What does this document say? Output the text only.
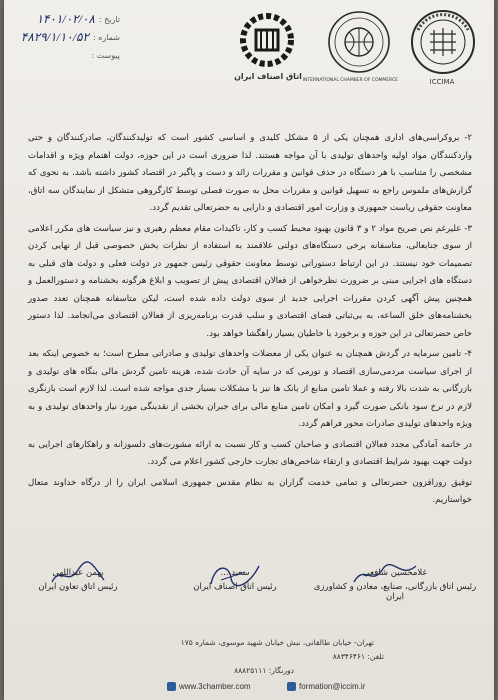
تاریخ :
۱۴۰۱/۰۲/۰۸
شماره :
۴۸۲۹/۱/۱۰/۵۲
پیوست :
ICCIMA
INTERNATIONAL CHAMBER OF COMMERCE
اتاق اصناف ایران

۲- بروکراسی‌های اداری همچنان یکی از ۵ مشکل کلیدی و اساسی کشور است که تولیدکنندگان، صادرکنندگان و حتی واردکنندگان مواد اولیه واحدهای تولیدی با آن مواجه هستند. لذا ضروری است در این حوزه، دولت اهتمام ویژه و اقدامات مشخصی را متناسب با هر دستگاه در حذف قوانین و مقررات زائد و دست و پاگیر در اقتصاد کشور داشته باشد. به نحوی که گزارش‌های ملموس راجع به تسهیل قوانین و مقررات محل به صورت فصلی توسط کارگروهی متشکل از نمایندگان سه اتاق، معاونت حقوقی ریاست جمهوری و وزارت امور اقتصادی و دارایی به حضرتعالی تقدیم گردد.

۳- علیرغم نص صریح مواد ۲ و ۳ قانون بهبود محیط کسب و کار، تاکیدات مقام معظم رهبری و نیز سیاست های مکرر اعلامی از سوی جنابعالی، متاسفانه برخی دستگاه‌های دولتی علاقمند به استفاده از نظرات بخش خصوصی قبل از نهایی کردن تصمیمات خود نیستند. در این ارتباط دستوراتی توسط معاونت حقوقی رئیس جمهور در دولت فعلی و دولت های قبلی به دستگاه های اجرایی مبنی بر ضرورت نظرخواهی از فعالان اقتصادی پیش از تصویب و ابلاغ هرگونه بخشنامه و دستورالعمل و همچنین پیش آگهی کردن مقررات اجرایی جدید از سوی دولت داده شده است، لیکن متاسفانه همچنان تعدد صدور بخشنامه‌های خلق الساعه، به بی‌ثباتی فضای اقتصادی و سلب قدرت برنامه‌ریزی از فعالان اقتصادی می‌انجامد. لذا دستور خاص حضرتعالی در این حوزه و برخورد با خاطیان بسیار راهگشا خواهد بود.

۴- تامین سرمایه در گردش همچنان به عنوان یکی از معضلات واحدهای تولیدی و صادراتی مطرح است؛ به خصوص اینکه بعد از اجرای سیاست مردمی‌سازی اقتصاد و تورمی که در سایه آن حادث شده، هزینه تامین گردش مالی بنگاه های تولیدی و بازرگانی به شدت بالا رفته و عملا تامین منابع از بانک ها نیز با مشکلات بسیار جدی مواجه شده است. لذا لازم است بازنگری لازم در نرخ سود بانکی صورت گیرد و امکان تامین منابع مالی برای جبران بخشی از نقدینگی مورد نیاز واحدهای تولیدی و به ویژه واحدهای تولیدی صادرات محور فراهم گردد.

در خاتمه آمادگی مجدد فعالان اقتصادی و صاحبان کسب و کار نسبت به ارائه مشورت‌های دلسوزانه و راهکارهای اجرایی به دولت جهت بهبود شرایط اقتصادی و ارتقاء شاخص‌های تجارت خارجی کشور اعلام می گردد.

توفیق روزافزون حضرتعالی و تمامی خدمت گزاران به نظام مقدس جمهوری اسلامی ایران را از درگاه خداوند متعال خواستاریم.

غلامحسین شافعی
رئیس اتاق بازرگانی، صنایع، معادن و کشاورزی ایران
سعید ...
رئیس اتاق اصناف ایران
بهمن عبداللهی
رئیس اتاق تعاون ایران
تهران- خیابان طالقانی، نبش خیابان شهید موسوی، شماره ۱۷۵
تلفن: ۸۸۳۴۶۴۶۱
دورنگار: ۸۸۸۲۵۱۱۱
www.3chamber.com	formation@iccim.ir
